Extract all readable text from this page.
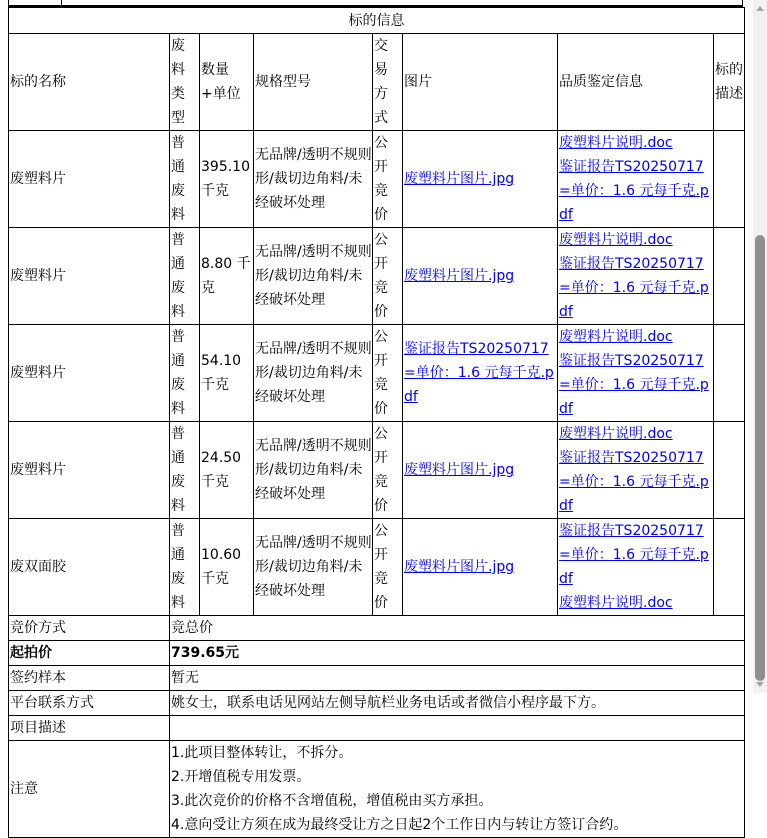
标的信息							
标的名称	废料类型	数量+单位	规格型号	交易方式	图片	品质鉴定信息	标的描述
废塑料片	普通废料	395.10 千克	无品牌/透明不规则形/裁切边角料/未经破坏处理	公开竞价	废塑料片图片.jpg	废塑料片说明.doc
鉴证报告TS20250717=单价：1.6 元每千克.pdf	

废塑料片	普通废料	8.80 千克	无品牌/透明不规则形/裁切边角料/未经破坏处理	公开竞价	废塑料片图片.jpg	废塑料片说明.doc
鉴证报告TS20250717=单价：1.6 元每千克.pdf	

废塑料片	普通废料	54.10 千克	无品牌/透明不规则形/裁切边角料/未经破坏处理	公开竞价	鉴证报告TS20250717=单价：1.6 元每千克.pdf	废塑料片说明.doc
鉴证报告TS20250717=单价：1.6 元每千克.pdf	

废塑料片	普通废料	24.50 千克	无品牌/透明不规则形/裁切边角料/未经破坏处理	公开竞价	废塑料片图片.jpg	废塑料片说明.doc
鉴证报告TS20250717=单价：1.6 元每千克.pdf	

废双面胶	普通废料	10.60 千克	无品牌/透明不规则形/裁切边角料/未经破坏处理	公开竞价	废塑料片图片.jpg	鉴证报告TS20250717=单价：1.6 元每千克.pdf
废塑料片说明.doc	

竞价方式	竞总价						
起拍价	739.65元						
签约样本	暂无						
平台联系方式	姚女士，联系电话见网站左侧导航栏业务电话或者微信小程序最下方。						
项目描述							
注意	1.此项目整体转让，不拆分。
2.开增值税专用发票。
3.此次竞价的价格不含增值税，增值税由买方承担。
4.意向受让方须在成为最终受让方之日起2个工作日内与转让方签订合约。						
